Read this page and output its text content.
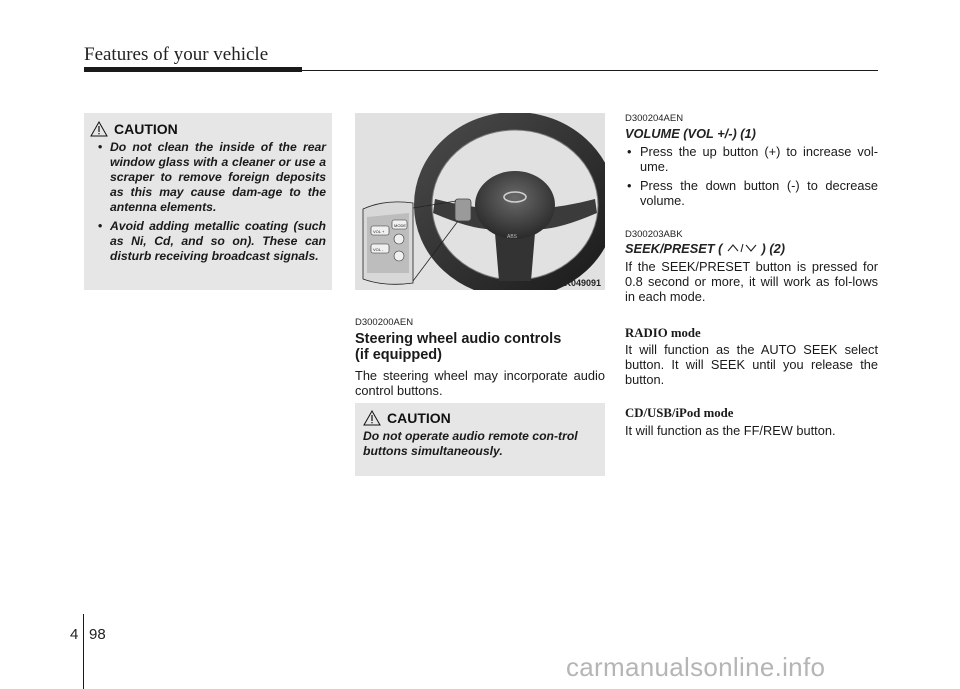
Features of your vehicle
CAUTION
• Do not clean the inside of the rear window glass with a cleaner or use a scraper to remove foreign deposits as this may cause dam-age to the antenna elements.
• Avoid adding metallic coating (such as Ni, Cd, and so on). These can disturb receiving broadcast signals.
ABS
VOL +
VOL -
MODE
OBK049091
D300200AEN
Steering wheel audio controls
(if equipped)
The steering wheel may incorporate audio control buttons.
CAUTION
Do not operate audio remote con-trol buttons simultaneously.
D300204AEN
VOLUME (VOL +/-) (1)
• Press the up button (+) to increase vol-ume.
• Press the down button (-) to decrease volume.
D300203ABK
SEEK/PRESET (	) (2)
If the SEEK/PRESET button is pressed for 0.8 second or more, it will work as fol-lows in each mode.
RADIO mode
It will function as the AUTO SEEK select button. It will SEEK until you release the button.
CD/USB/iPod mode
It will function as the FF/REW button.
4 98
carmanualsonline.info
